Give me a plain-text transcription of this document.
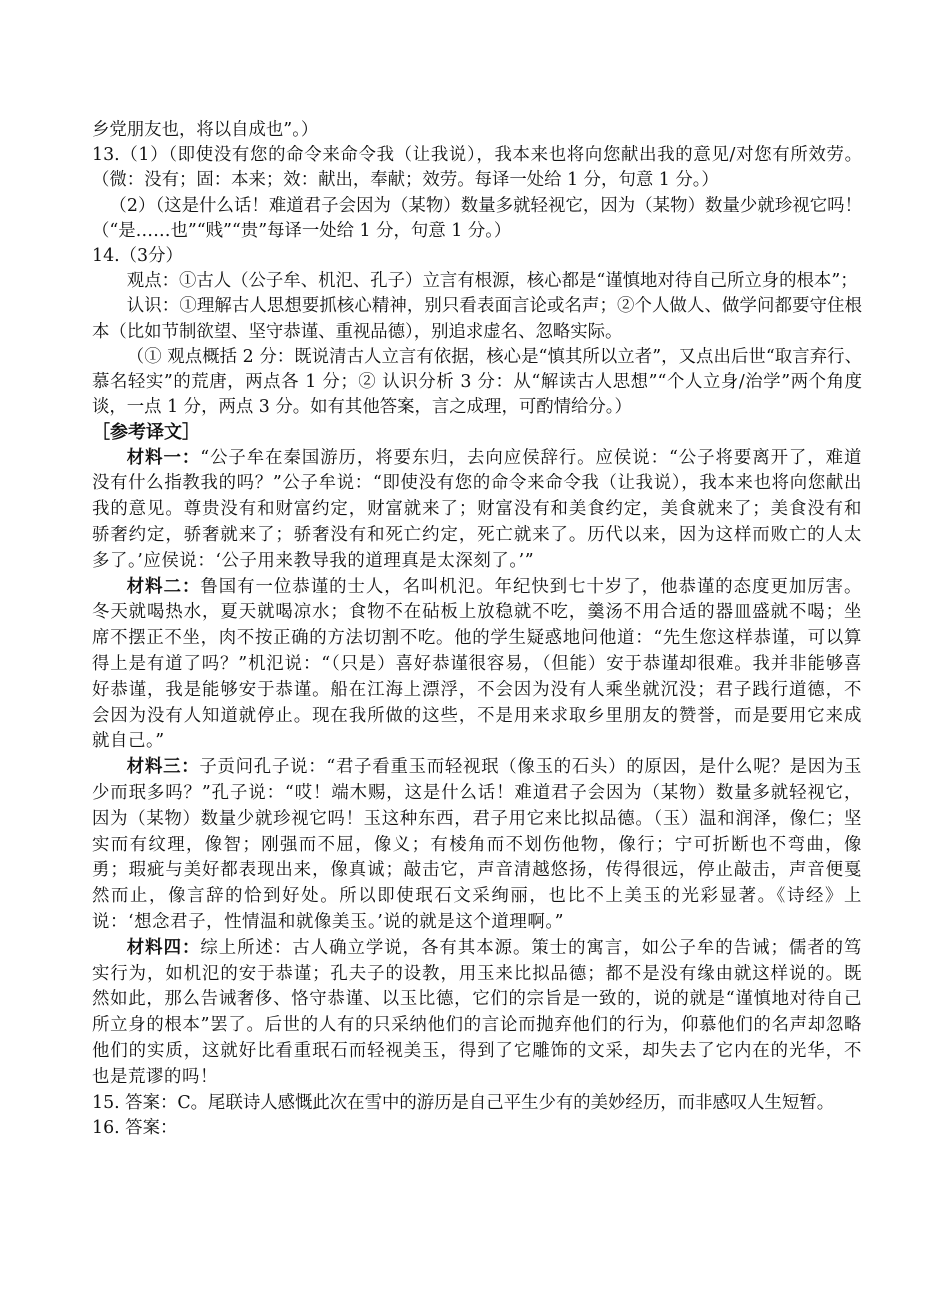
乡党朋友也，将以自成也”。）

13.（1）（即使没有您的命令来命令我（让我说），我本来也将向您献出我的意见/对您有所效劳。（微：没有；固：本来；效：献出，奉献；效劳。每译一处给 1 分，句意 1 分。）

（2）（这是什么话！难道君子会因为（某物）数量多就轻视它，因为（某物）数量少就珍视它吗！（“是……也”“贱”“贵”每译一处给 1 分，句意 1 分。）

14.（3分）

观点：①古人（公子牟、机氾、孔子）立言有根源，核心都是“谨慎地对待自己所立身的根本”；

认识：①理解古人思想要抓核心精神，别只看表面言论或名声；②个人做人、做学问都要守住根本（比如节制欲望、坚守恭谨、重视品德），别追求虚名、忽略实际。

（① 观点概括 2 分：既说清古人立言有依据，核心是“慎其所以立者”，又点出后世“取言弃行、慕名轻实”的荒唐，两点各 1 分；② 认识分析 3 分：从“解读古人思想”“个人立身/治学”两个角度谈，一点 1 分，两点 3 分。如有其他答案，言之成理，可酌情给分。）

［参考译文］

材料一：“公子牟在秦国游历，将要东归，去向应侯辞行。应侯说：“公子将要离开了，难道没有什么指教我的吗？”公子牟说：“即使没有您的命令来命令我（让我说），我本来也将向您献出我的意见。尊贵没有和财富约定，财富就来了；财富没有和美食约定，美食就来了；美食没有和骄奢约定，骄奢就来了；骄奢没有和死亡约定，死亡就来了。历代以来，因为这样而败亡的人太多了。’应侯说：‘公子用来教导我的道理真是太深刻了。’”

材料二：鲁国有一位恭谨的士人，名叫机氾。年纪快到七十岁了，他恭谨的态度更加厉害。冬天就喝热水，夏天就喝凉水；食物不在砧板上放稳就不吃，羹汤不用合适的器皿盛就不喝；坐席不摆正不坐，肉不按正确的方法切割不吃。他的学生疑惑地问他道：“先生您这样恭谨，可以算得上是有道了吗？”机氾说：“（只是）喜好恭谨很容易，（但能）安于恭谨却很难。我并非能够喜好恭谨，我是能够安于恭谨。船在江海上漂浮，不会因为没有人乘坐就沉没；君子践行道德，不会因为没有人知道就停止。现在我所做的这些，不是用来求取乡里朋友的赞誉，而是要用它来成就自己。”

材料三：子贡问孔子说：“君子看重玉而轻视珉（像玉的石头）的原因，是什么呢？是因为玉少而珉多吗？”孔子说：“哎！端木赐，这是什么话！难道君子会因为（某物）数量多就轻视它，因为（某物）数量少就珍视它吗！玉这种东西，君子用它来比拟品德。（玉）温和润泽，像仁；坚实而有纹理，像智；刚强而不屈，像义；有棱角而不划伤他物，像行；宁可折断也不弯曲，像勇；瑕疵与美好都表现出来，像真诚；敲击它，声音清越悠扬，传得很远，停止敲击，声音便戛然而止，像言辞的恰到好处。所以即使珉石文采绚丽，也比不上美玉的光彩显著。《诗经》上说：‘想念君子，性情温和就像美玉。’说的就是这个道理啊。”

材料四：综上所述：古人确立学说，各有其本源。策士的寓言，如公子牟的告诫；儒者的笃实行为，如机氾的安于恭谨；孔夫子的设教，用玉来比拟品德；都不是没有缘由就这样说的。既然如此，那么告诫奢侈、恪守恭谨、以玉比德，它们的宗旨是一致的，说的就是“谨慎地对待自己所立身的根本”罢了。后世的人有的只采纳他们的言论而抛弃他们的行为，仰慕他们的名声却忽略他们的实质，这就好比看重珉石而轻视美玉，得到了它雕饰的文采，却失去了它内在的光华，不也是荒谬的吗！

15. 答案：C。尾联诗人感慨此次在雪中的游历是自己平生少有的美妙经历，而非感叹人生短暂。

16. 答案：
